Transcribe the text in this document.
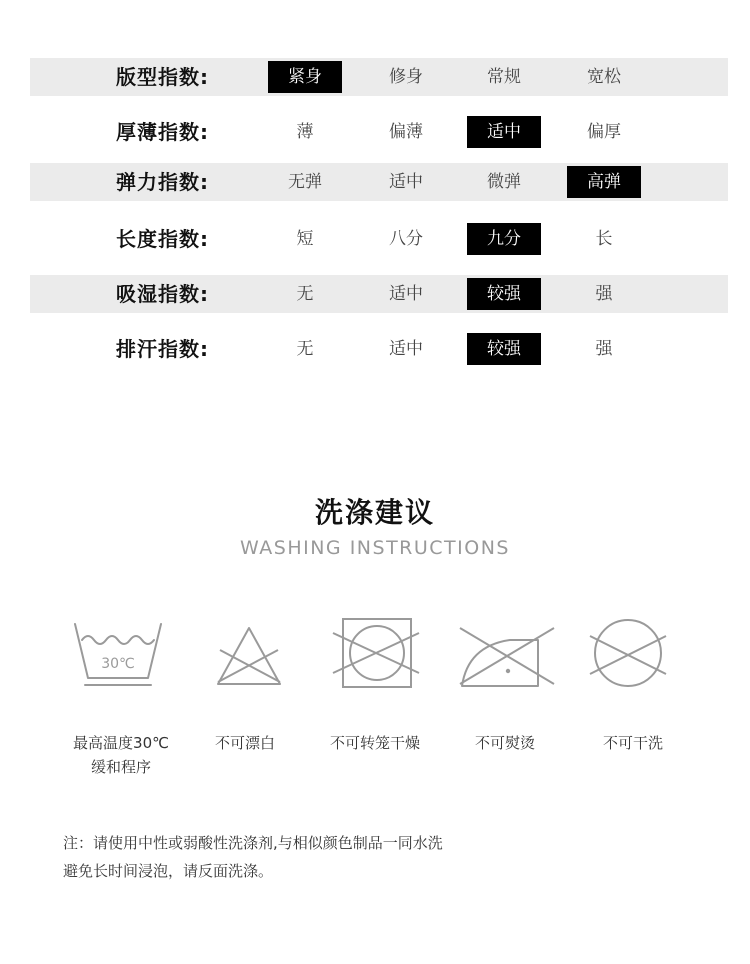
版型指数:	紧身	修身	常规	宽松
厚薄指数:	薄	偏薄	适中	偏厚
弹力指数:	无弹	适中	微弹	高弹
长度指数:	短	八分	九分	长
吸湿指数:	无	适中	较强	强
排汗指数:	无	适中	较强	强
洗涤建议
WASHING INSTRUCTIONS
30℃
最高温度30℃
缓和程序
不可漂白	不可转笼干燥	不可熨烫	不可干洗
注：请使用中性或弱酸性洗涤剂,与相似颜色制品一同水洗
避免长时间浸泡，请反面洗涤。
